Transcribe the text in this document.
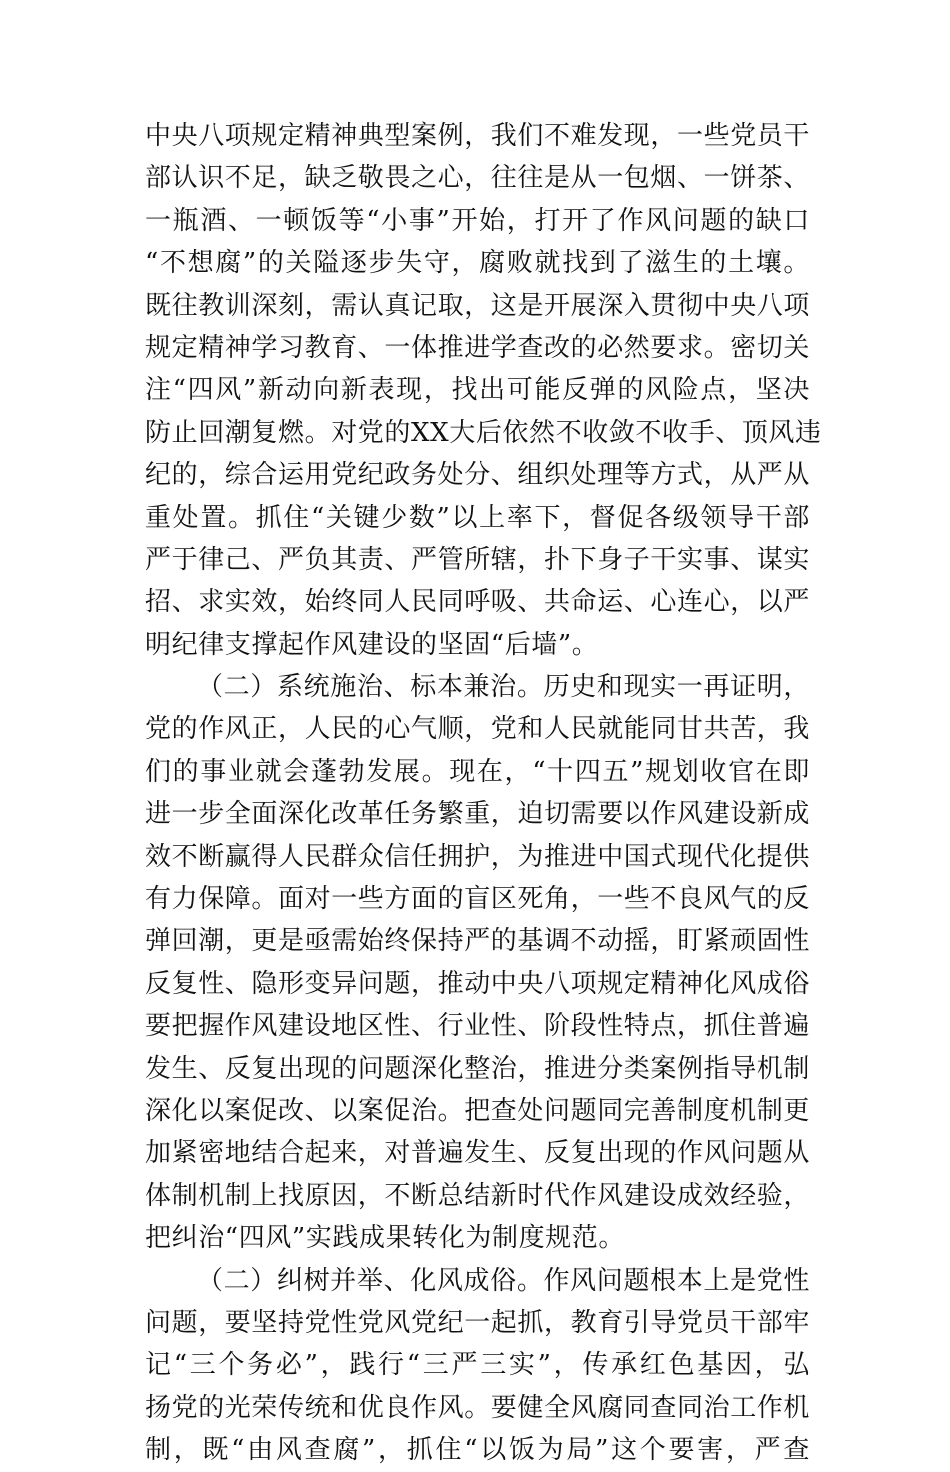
中央八项规定精神典型案例，我们不难发现，一些党员干
部认识不足，缺乏敬畏之心，往往是从一包烟、一饼茶、
一瓶酒、一顿饭等“小事”开始，打开了作风问题的缺口
“不想腐”的关隘逐步失守，腐败就找到了滋生的土壤。
既往教训深刻，需认真记取，这是开展深入贯彻中央八项
规定精神学习教育、一体推进学查改的必然要求。密切关
注“四风”新动向新表现，找出可能反弹的风险点，坚决
防止回潮复燃。对党的XX大后依然不收敛不收手、顶风违
纪的，综合运用党纪政务处分、组织处理等方式，从严从
重处置。抓住“关键少数”以上率下，督促各级领导干部
严于律己、严负其责、严管所辖，扑下身子干实事、谋实
招、求实效，始终同人民同呼吸、共命运、心连心，以严
明纪律支撑起作风建设的坚固“后墙”。
（二）系统施治、标本兼治。历史和现实一再证明，
党的作风正，人民的心气顺，党和人民就能同甘共苦，我
们的事业就会蓬勃发展。现在，“十四五”规划收官在即
进一步全面深化改革任务繁重，迫切需要以作风建设新成
效不断赢得人民群众信任拥护，为推进中国式现代化提供
有力保障。面对一些方面的盲区死角，一些不良风气的反
弹回潮，更是亟需始终保持严的基调不动摇，盯紧顽固性
反复性、隐形变异问题，推动中央八项规定精神化风成俗
要把握作风建设地区性、行业性、阶段性特点，抓住普遍
发生、反复出现的问题深化整治，推进分类案例指导机制
深化以案促改、以案促治。把查处问题同完善制度机制更
加紧密地结合起来，对普遍发生、反复出现的作风问题从
体制机制上找原因，不断总结新时代作风建设成效经验，
把纠治“四风”实践成果转化为制度规范。
（二）纠树并举、化风成俗。作风问题根本上是党性
问题，要坚持党性党风党纪一起抓，教育引导党员干部牢
记“三个务必”，践行“三严三实”，传承红色基因，弘
扬党的光荣传统和优良作风。要健全风腐同查同治工作机
制，既“由风查腐”，抓住“以饭为局”这个要害，严查
